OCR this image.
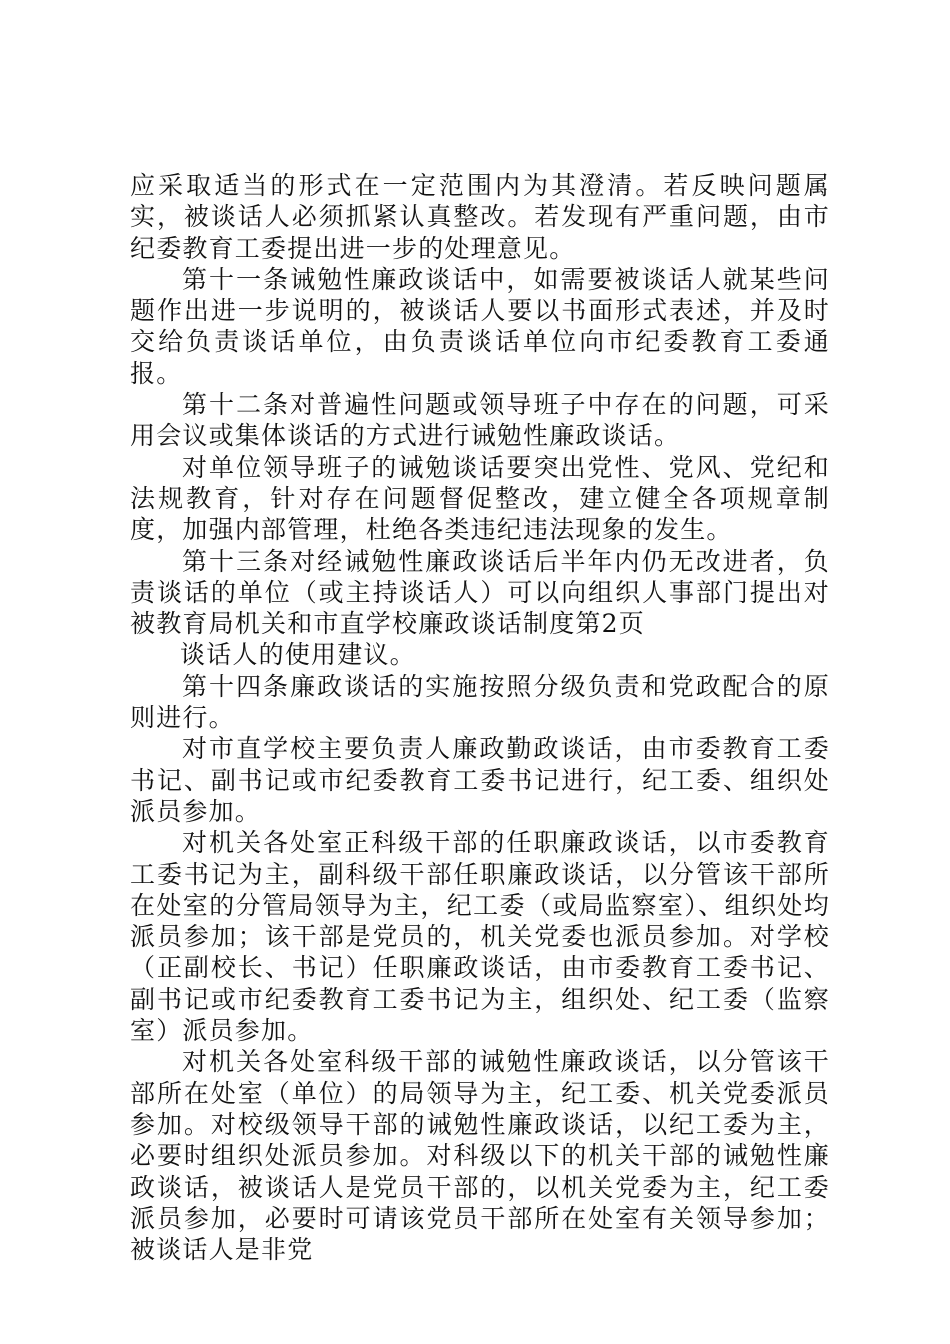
应采取适当的形式在一定范围内为其澄清。若反映问题属实，被谈话人必须抓紧认真整改。若发现有严重问题，由市纪委教育工委提出进一步的处理意见。

第十一条诫勉性廉政谈话中，如需要被谈话人就某些问题作出进一步说明的，被谈话人要以书面形式表述，并及时交给负责谈话单位，由负责谈话单位向市纪委教育工委通报。

第十二条对普遍性问题或领导班子中存在的问题，可采用会议或集体谈话的方式进行诫勉性廉政谈话。

对单位领导班子的诫勉谈话要突出党性、党风、党纪和法规教育，针对存在问题督促整改，建立健全各项规章制度，加强内部管理，杜绝各类违纪违法现象的发生。

第十三条对经诫勉性廉政谈话后半年内仍无改进者，负责谈话的单位（或主持谈话人）可以向组织人事部门提出对被教育局机关和市直学校廉政谈话制度第2页

谈话人的使用建议。

第十四条廉政谈话的实施按照分级负责和党政配合的原则进行。

对市直学校主要负责人廉政勤政谈话，由市委教育工委书记、副书记或市纪委教育工委书记进行，纪工委、组织处派员参加。

对机关各处室正科级干部的任职廉政谈话，以市委教育工委书记为主，副科级干部任职廉政谈话，以分管该干部所在处室的分管局领导为主，纪工委（或局监察室）、组织处均派员参加；该干部是党员的，机关党委也派员参加。对学校（正副校长、书记）任职廉政谈话，由市委教育工委书记、副书记或市纪委教育工委书记为主，组织处、纪工委（监察室）派员参加。

对机关各处室科级干部的诫勉性廉政谈话，以分管该干部所在处室（单位）的局领导为主，纪工委、机关党委派员参加。对校级领导干部的诫勉性廉政谈话，以纪工委为主，必要时组织处派员参加。对科级以下的机关干部的诫勉性廉政谈话，被谈话人是党员干部的，以机关党委为主，纪工委派员参加，必要时可请该党员干部所在处室有关领导参加；被谈话人是非党
